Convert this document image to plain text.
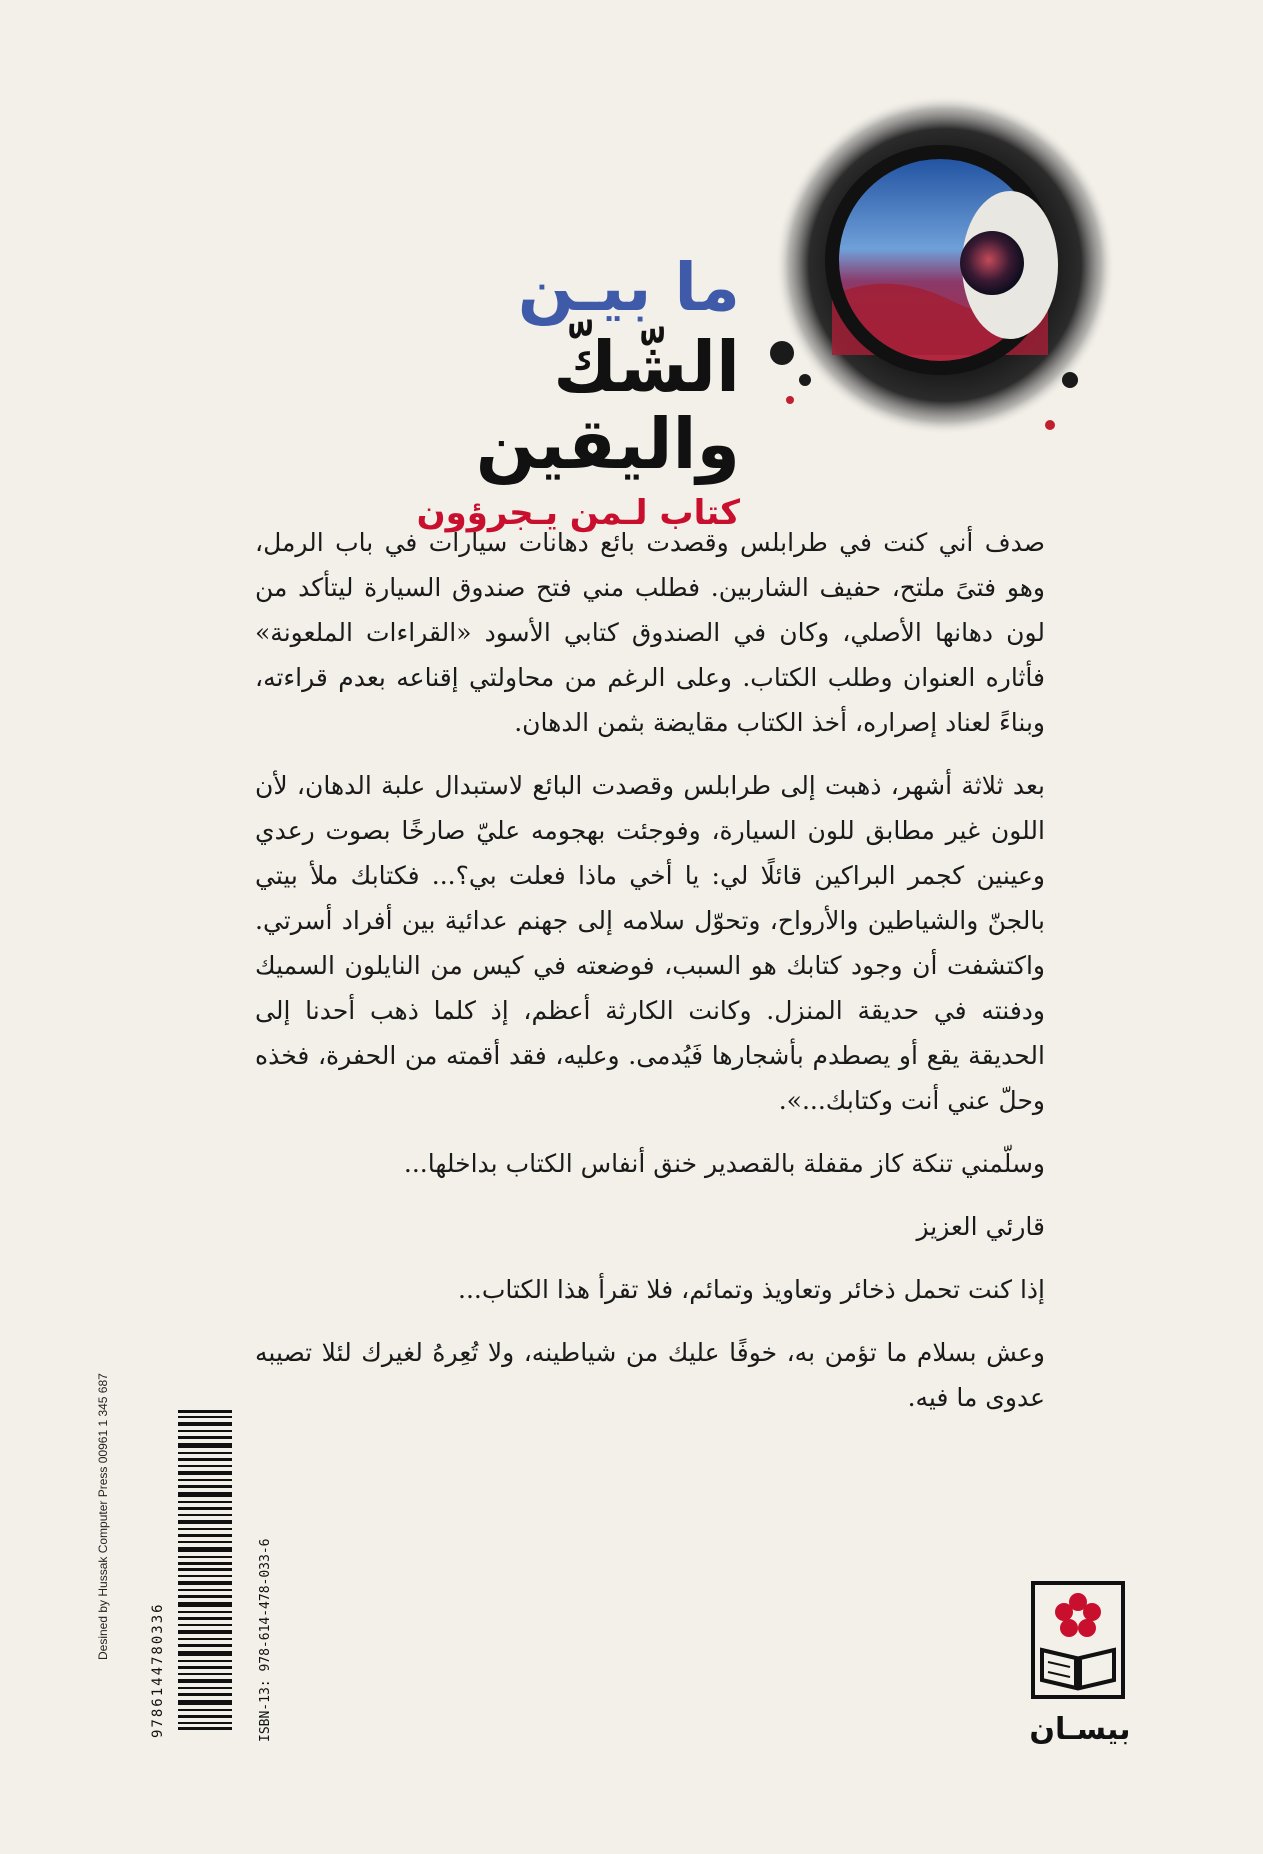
ما بيـن
الشّكّ واليقين
كتاب لـمن يـجرؤون

صدف أني كنت في طرابلس وقصدت بائع دهانات سيارات في باب الرمل، وهو فتىً ملتح، حفيف الشاربين. فطلب مني فتح صندوق السيارة ليتأكد من لون دهانها الأصلي، وكان في الصندوق كتابي الأسود «القراءات الملعونة» فأثاره العنوان وطلب الكتاب. وعلى الرغم من محاولتي إقناعه بعدم قراءته، وبناءً لعناد إصراره، أخذ الكتاب مقايضة بثمن الدهان.

بعد ثلاثة أشهر، ذهبت إلى طرابلس وقصدت البائع لاستبدال علبة الدهان، لأن اللون غير مطابق للون السيارة، وفوجئت بهجومه عليّ صارخًا بصوت رعدي وعينين كجمر البراكين قائلًا لي: يا أخي ماذا فعلت بي؟... فكتابك ملأ بيتي بالجنّ والشياطين والأرواح، وتحوّل سلامه إلى جهنم عدائية بين أفراد أسرتي. واكتشفت أن وجود كتابك هو السبب، فوضعته في كيس من النايلون السميك ودفنته في حديقة المنزل. وكانت الكارثة أعظم، إذ كلما ذهب أحدنا إلى الحديقة يقع أو يصطدم بأشجارها فَيُدمى. وعليه، فقد أقمته من الحفرة، فخذه وحلّ عني أنت وكتابك...».

وسلّمني تنكة كاز مقفلة بالقصدير خنق أنفاس الكتاب بداخلها...

قارئي العزيز

إذا كنت تحمل ذخائر وتعاويذ وتمائم، فلا تقرأ هذا الكتاب...

وعش بسلام ما تؤمن به، خوفًا عليك من شياطينه، ولا تُعِرهُ لغيرك لئلا تصيبه عدوى ما فيه.

Desined by Hussak Computer Press 00961 1 345 687	ISBN-13: 978-614-478-033-6
9786144780336	بيسـان
